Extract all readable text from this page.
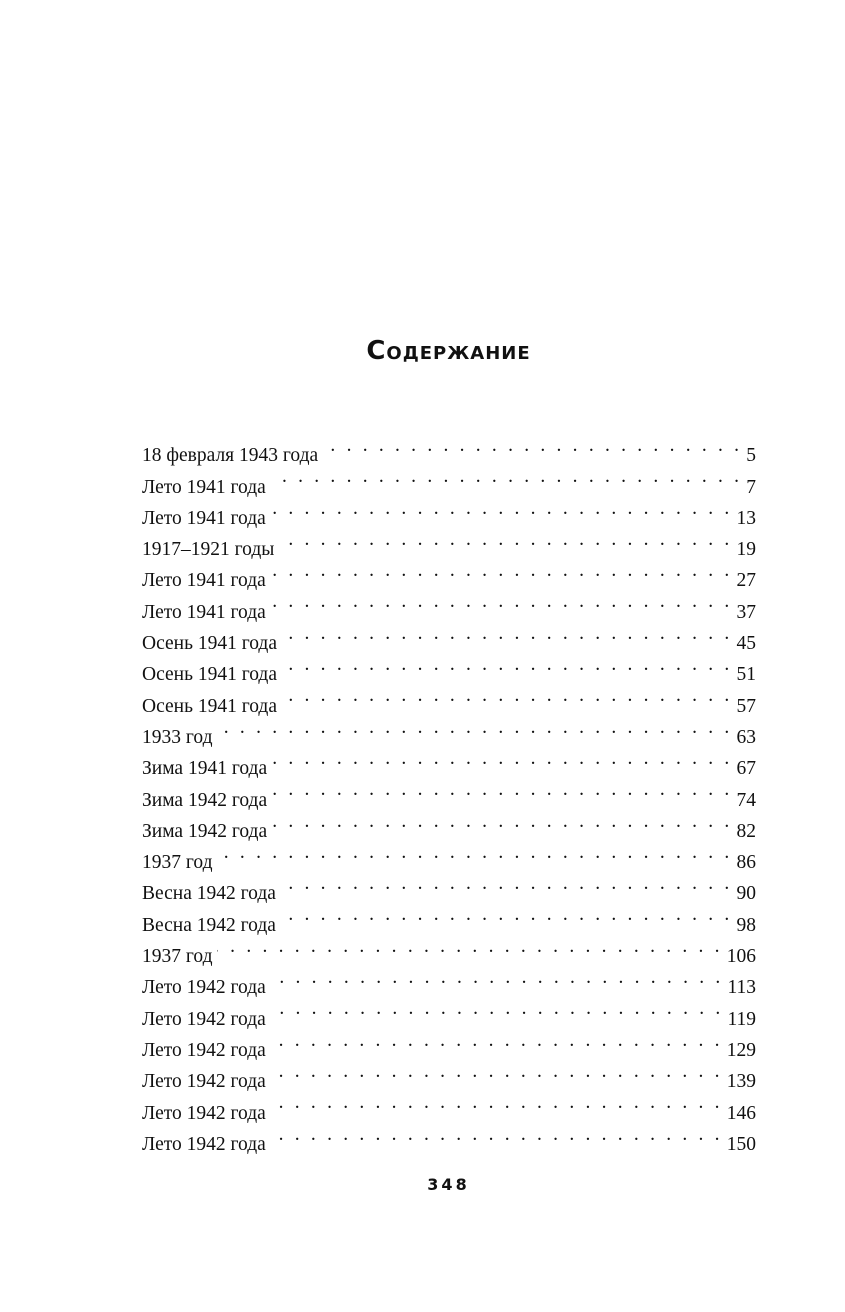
Содержание
18 февраля 1943 года . . .	5
Лето 1941 года . . .	7
Лето 1941 года . . .	13
1917–1921 годы . . .	19
Лето 1941 года . . .	27
Лето 1941 года . . .	37
Осень 1941 года . . .	45
Осень 1941 года . . .	51
Осень 1941 года . . .	57
1933 год . . .	63
Зима 1941 года . . .	67
Зима 1942 года . . .	74
Зима 1942 года . . .	82
1937 год . . .	86
Весна 1942 года . . .	90
Весна 1942 года . . .	98
1937 год . . .	106
Лето 1942 года . . .	113
Лето 1942 года . . .	119
Лето 1942 года . . .	129
Лето 1942 года . . .	139
Лето 1942 года . . .	146
Лето 1942 года . . .	150
348
